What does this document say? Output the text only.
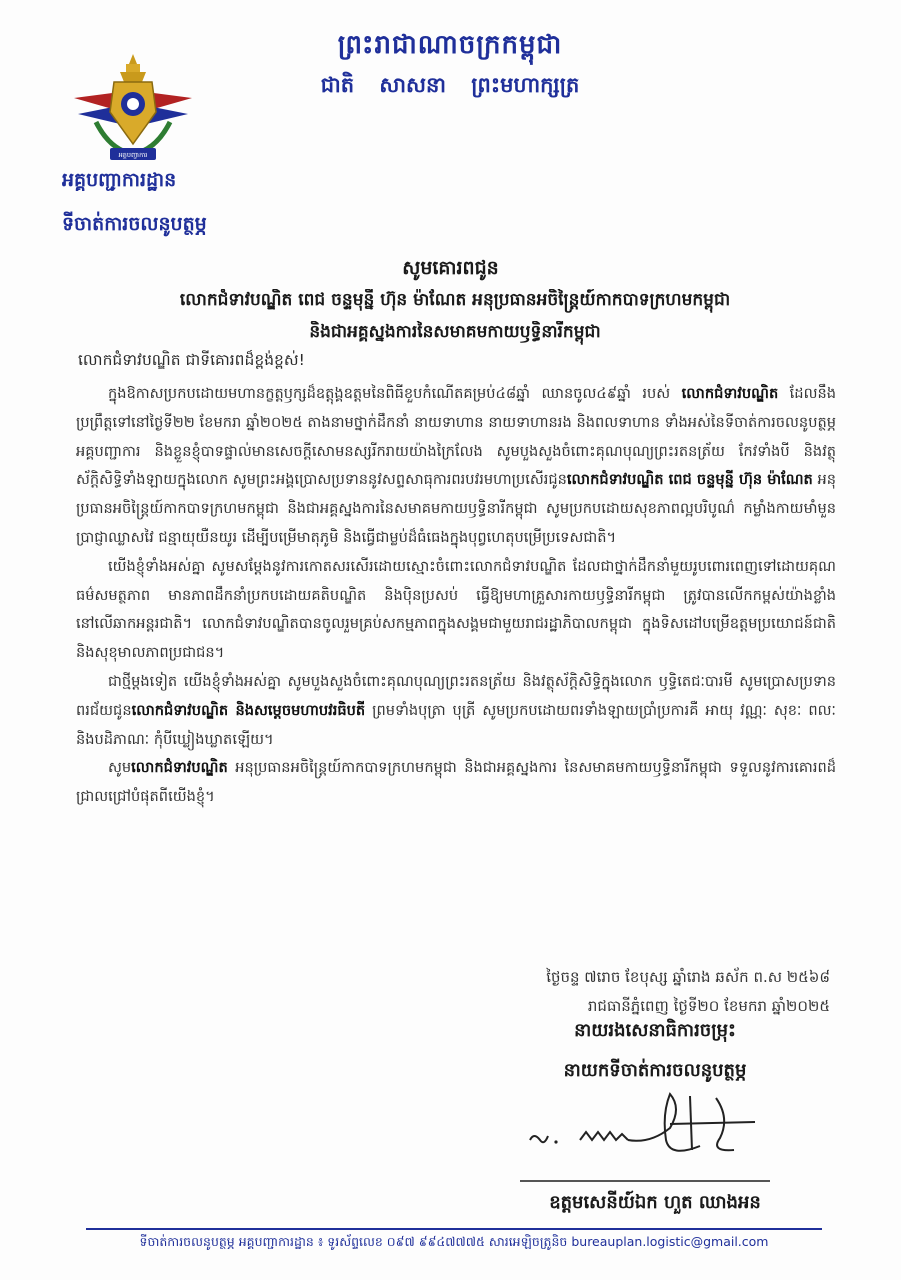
អគ្គបញ្ជាការ
ព្រះរាជាណាចក្រកម្ពុជា
ជាតិ សាសនា ព្រះមហាក្សត្រ
អគ្គបញ្ជាការដ្ឋាន
ទីចាត់ការចលនូបត្ថម្ភ
សូមគោរពជូន
លោកជំទាវបណ្ឌិត ពេជ ចន្ទមុន្នី ហ៊ុន ម៉ាណែត អនុប្រធានអចិន្ត្រៃយ៍កាកបាទក្រហមកម្ពុជា
និងជាអគ្គស្នងការនៃសមាគមកាយឫទ្ធិនារីកម្ពុជា
លោកជំទាវបណ្ឌិត ជាទីគោរពដ៏ខ្ពង់ខ្ពស់!

ក្នុងឱកាសប្រកបដោយមហានក្ខត្តឫក្សដ៏ឧត្តុង្គឧត្តមនៃពិធីខួបកំណើតគម្រប់៤៨ឆ្នាំ ឈានចូល៤៩ឆ្នាំ របស់ លោកជំទាវបណ្ឌិត ដែលនឹងប្រព្រឹត្តទៅនៅថ្ងៃទី២២ ខែមករា ឆ្នាំ២០២៥ តាងនាមថ្នាក់ដឹកនាំ នាយទាហាន នាយទាហានរង និងពលទាហាន ទាំងអស់នៃទីចាត់ការចលនូបត្ថម្ភ អគ្គបញ្ជាការ និងខ្លួនខ្ញុំបាទផ្ទាល់មានសេចក្តីសោមនស្សរីករាយយ៉ាងក្រៃលែង សូមបួងសួងចំពោះគុណបុណ្យព្រះរតនត្រ័យ កែវទាំងបី និងវត្ថុស័ក្តិសិទ្ធិទាំងឡាយក្នុងលោក សូមព្រះអង្គប្រោសប្រទាននូវសព្ទសាធុការពរបវរមហាប្រសើរជូនលោកជំទាវបណ្ឌិត ពេជ ចន្ទមុន្នី ហ៊ុន ម៉ាណែត អនុប្រធានអចិន្ត្រៃយ៍កាកបាទក្រហមកម្ពុជា និងជាអគ្គស្នងការនៃសមាគមកាយឫទ្ធិនារីកម្ពុជា សូមប្រកបដោយសុខភាពល្អបរិបូណ៌ កម្លាំងកាយមាំមួនប្រាជ្ញាឈ្លាសវៃ ជន្មាយុយឺនយូរ ដើម្បីបម្រើមាតុភូមិ និងធ្វើជាម្លប់ដ៏ធំធេងក្នុងបុព្វហេតុបម្រើប្រទេសជាតិ។

យើងខ្ញុំទាំងអស់គ្នា សូមសម្តែងនូវការកោតសរសើរដោយស្មោះចំពោះលោកជំទាវបណ្ឌិត ដែលជាថ្នាក់ដឹកនាំមួយរូបពោរពេញទៅដោយគុណធម៌សមត្ថភាព មានភាពដឹកនាំប្រកបដោយគតិបណ្ឌិត និងប៉ិនប្រសប់ ធ្វើឱ្យមហាគ្រួសារកាយឫទ្ធិនារីកម្ពុជា ត្រូវបានលើកកម្ពស់យ៉ាងខ្លាំងនៅលើឆាកអន្តរជាតិ។ លោកជំទាវបណ្ឌិតបានចូលរួមគ្រប់សកម្មភាពក្នុងសង្គមជាមួយរាជរដ្ឋាភិបាលកម្ពុជា ក្នុងទិសដៅបម្រើឧត្តមប្រយោជន៍ជាតិ និងសុខុមាលភាពប្រជាជន។

ជាថ្មីម្តងទៀត យើងខ្ញុំទាំងអស់គ្នា សូមបួងសួងចំពោះគុណបុណ្យព្រះរតនត្រ័យ និងវត្ថុស័ក្តិសិទ្ធិក្នុងលោក ឫទ្ធិតេជៈបារមី សូមប្រោសប្រទានពរជ័យជូនលោកជំទាវបណ្ឌិត និងសម្តេចមហាបវរធិបតី ព្រមទាំងបុត្រា បុត្រី សូមប្រកបដោយពរទាំងឡាយប្រាំប្រការគឺ អាយុ វណ្ណៈ សុខៈ ពលៈ និងបដិភាណៈ កុំបីឃ្លៀងឃ្លាតឡើយ។

សូមលោកជំទាវបណ្ឌិត អនុប្រធានអចិន្ត្រៃយ៍កាកបាទក្រហមកម្ពុជា និងជាអគ្គស្នងការ នៃសមាគមកាយឫទ្ធិនារីកម្ពុជា ទទួលនូវការគោរពដ៏ជ្រាលជ្រៅបំផុតពីយើងខ្ញុំ។

ថ្ងៃចន្ទ ៧រោច ខែបុស្ស ឆ្នាំរោង ឆស័ក ព.ស ២៥៦៨
រាជធានីភ្នំពេញ ថ្ងៃទី២០ ខែមករា ឆ្នាំ២០២៥
នាយរងសេនាធិការចម្រុះ
នាយកទីចាត់ការចលនូបត្ថម្ភ
ឧត្តមសេនីយ៍ឯក ហួត ឈាងអន
ទីចាត់ការចលនូបត្ថម្ភ អគ្គបញ្ជាការដ្ឋាន ៖ ទូរស័ព្ទលេខ ០៩៧ ៩៩៤៧៧៧៥ សារអេឡិចត្រូនិច bureauplan.logistic@gmail.com
